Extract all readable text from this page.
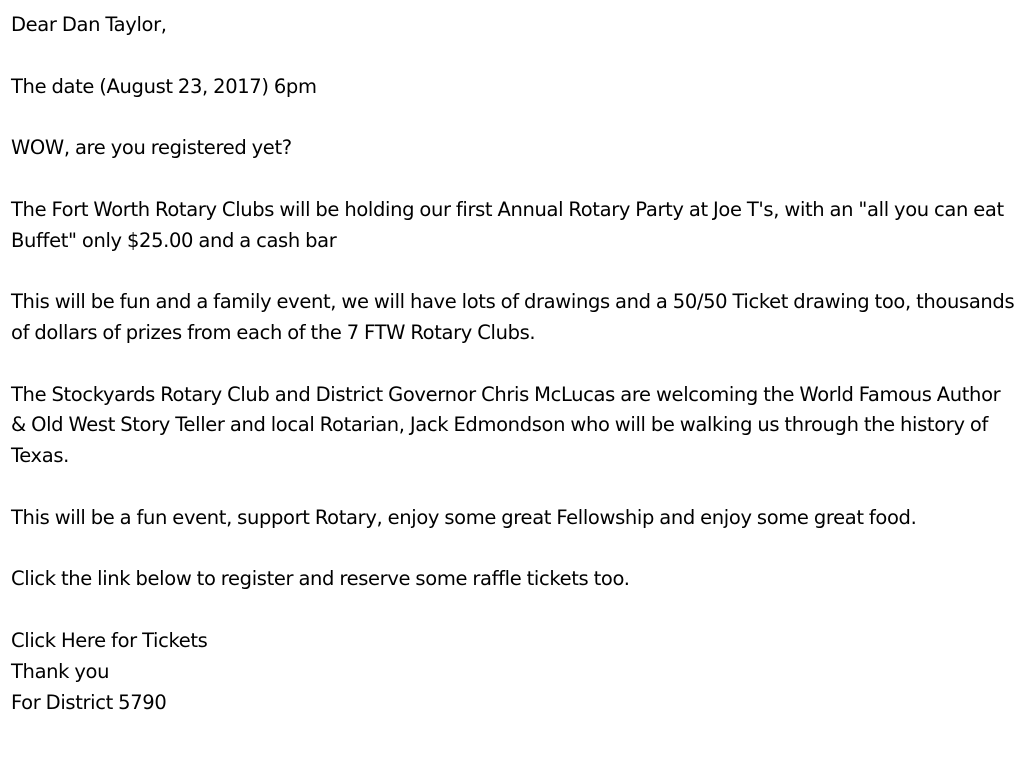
Dear Dan Taylor,

The date (August 23, 2017) 6pm

WOW, are you registered yet?

The Fort Worth Rotary Clubs will be holding our first Annual Rotary Party at Joe T's, with an "all you can eat Buffet" only $25.00 and a cash bar

This will be fun and a family event, we will have lots of drawings and a 50/50 Ticket drawing too, thousands of dollars of prizes from each of the 7 FTW Rotary Clubs.

The Stockyards Rotary Club and District Governor Chris McLucas are welcoming the World Famous Author & Old West Story Teller and local Rotarian, Jack Edmondson who will be walking us through the history of Texas.

This will be a fun event, support Rotary, enjoy some great Fellowship and enjoy some great food.

Click the link below to register and reserve some raffle tickets too.

Click Here for Tickets

Thank you

For District 5790
